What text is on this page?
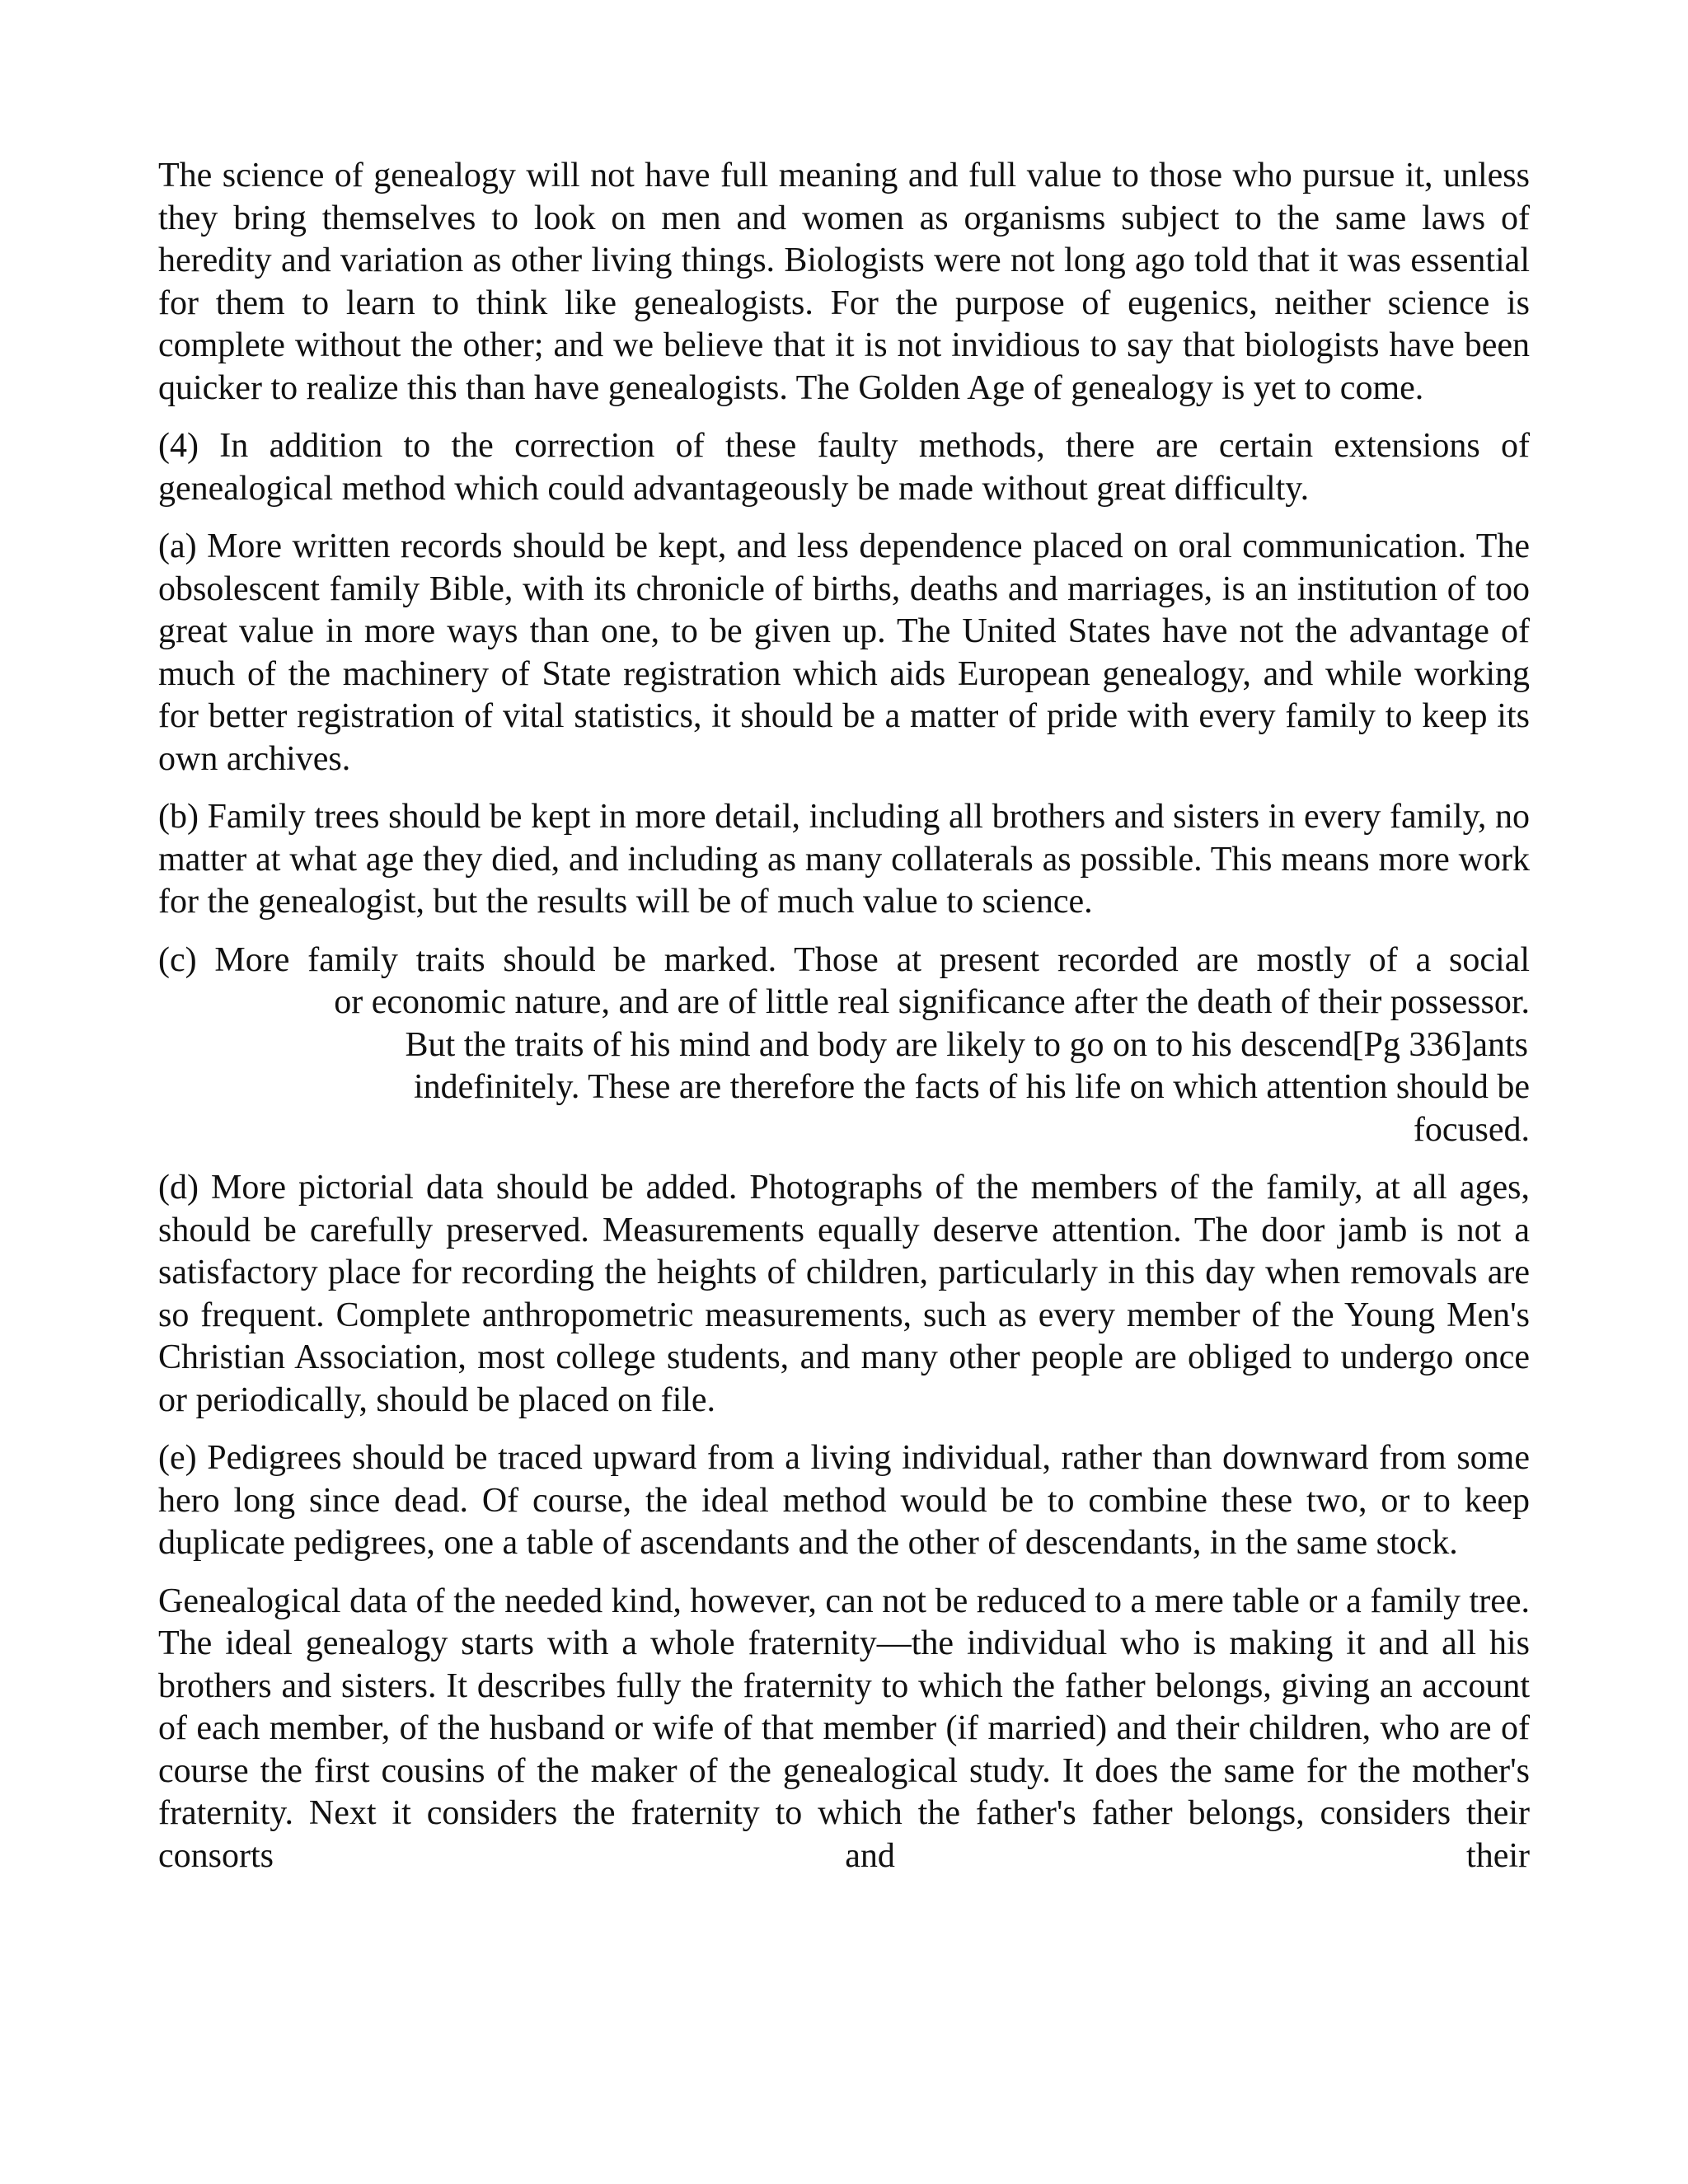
The science of genealogy will not have full meaning and full value to those who pursue it, unless they bring themselves to look on men and women as organisms subject to the same laws of heredity and variation as other living things. Biologists were not long ago told that it was essential for them to learn to think like genealogists. For the purpose of eugenics, neither science is complete without the other; and we believe that it is not invidious to say that biologists have been quicker to realize this than have genealogists. The Golden Age of genealogy is yet to come.

(4) In addition to the correction of these faulty methods, there are certain extensions of genealogical method which could advantageously be made without great difficulty.

(a) More written records should be kept, and less dependence placed on oral communication. The obsolescent family Bible, with its chronicle of births, deaths and marriages, is an institution of too great value in more ways than one, to be given up. The United States have not the advantage of much of the machinery of State registration which aids European genealogy, and while working for better registration of vital statistics, it should be a matter of pride with every family to keep its own archives.

(b) Family trees should be kept in more detail, including all brothers and sisters in every family, no matter at what age they died, and including as many collaterals as possible. This means more work for the genealogist, but the results will be of much value to science.

(c) More family traits should be marked. Those at present recorded are mostly of a social
or economic nature, and are of little real significance after the death of their possessor.
But the traits of his mind and body are likely to go on to his descend[Pg 336]ants
indefinitely. These are therefore the facts of his life on which attention should be
focused.

(d) More pictorial data should be added. Photographs of the members of the family, at all ages, should be carefully preserved. Measurements equally deserve attention. The door jamb is not a satisfactory place for recording the heights of children, particularly in this day when removals are so frequent. Complete anthropometric measurements, such as every member of the Young Men's Christian Association, most college students, and many other people are obliged to undergo once or periodically, should be placed on file.

(e) Pedigrees should be traced upward from a living individual, rather than downward from some hero long since dead. Of course, the ideal method would be to combine these two, or to keep duplicate pedigrees, one a table of ascendants and the other of descendants, in the same stock.

Genealogical data of the needed kind, however, can not be reduced to a mere table or a family tree. The ideal genealogy starts with a whole fraternity—the individual who is making it and all his brothers and sisters. It describes fully the fraternity to which the father belongs, giving an account of each member, of the husband or wife of that member (if married) and their children, who are of course the first cousins of the maker of the genealogical study. It does the same for the mother's fraternity. Next it considers the fraternity to which the father's father belongs, considers their consorts and their
